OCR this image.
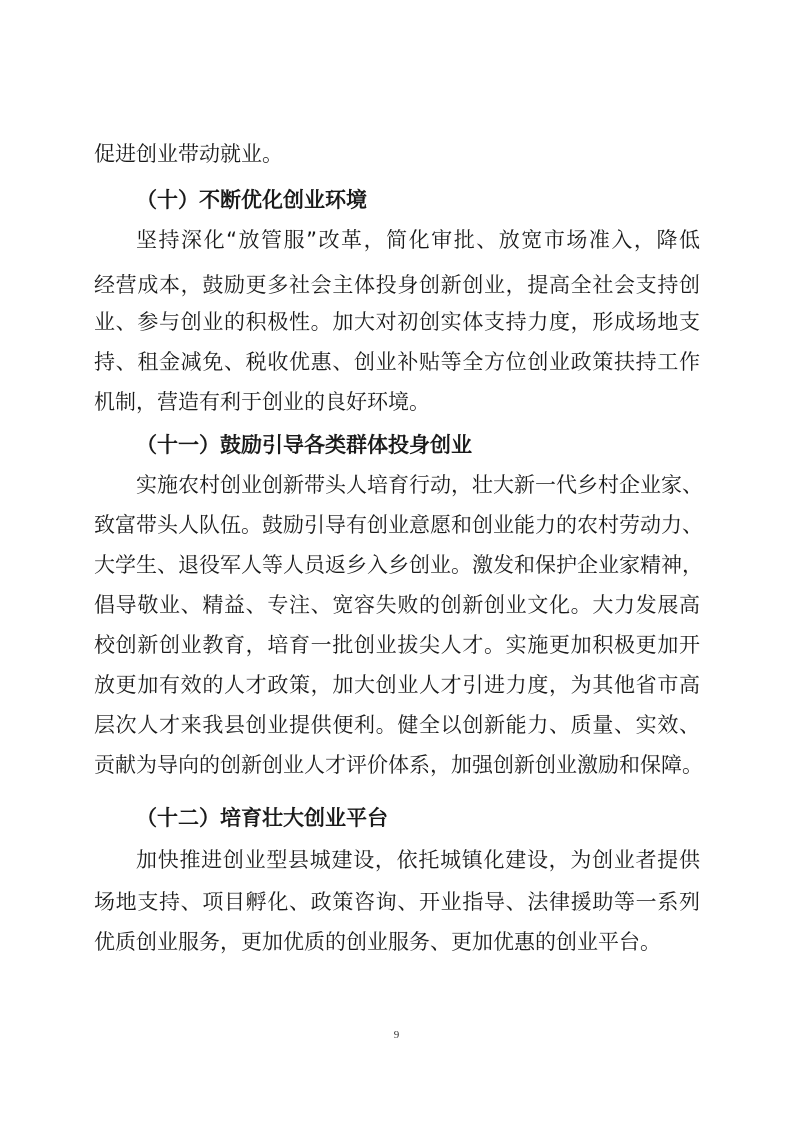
促进创业带动就业。
（十）不断优化创业环境
坚持深化“放管服”改革，简化审批、放宽市场准入，降低
经营成本，鼓励更多社会主体投身创新创业，提高全社会支持创
业、参与创业的积极性。加大对初创实体支持力度，形成场地支
持、租金减免、税收优惠、创业补贴等全方位创业政策扶持工作
机制，营造有利于创业的良好环境。
（十一）鼓励引导各类群体投身创业
实施农村创业创新带头人培育行动，壮大新一代乡村企业家、
致富带头人队伍。鼓励引导有创业意愿和创业能力的农村劳动力、
大学生、退役军人等人员返乡入乡创业。激发和保护企业家精神，
倡导敬业、精益、专注、宽容失败的创新创业文化。大力发展高
校创新创业教育，培育一批创业拔尖人才。实施更加积极更加开
放更加有效的人才政策，加大创业人才引进力度，为其他省市高
层次人才来我县创业提供便利。健全以创新能力、质量、实效、
贡献为导向的创新创业人才评价体系，加强创新创业激励和保障。
（十二）培育壮大创业平台
加快推进创业型县城建设，依托城镇化建设，为创业者提供
场地支持、项目孵化、政策咨询、开业指导、法律援助等一系列
优质创业服务，更加优质的创业服务、更加优惠的创业平台。
9
